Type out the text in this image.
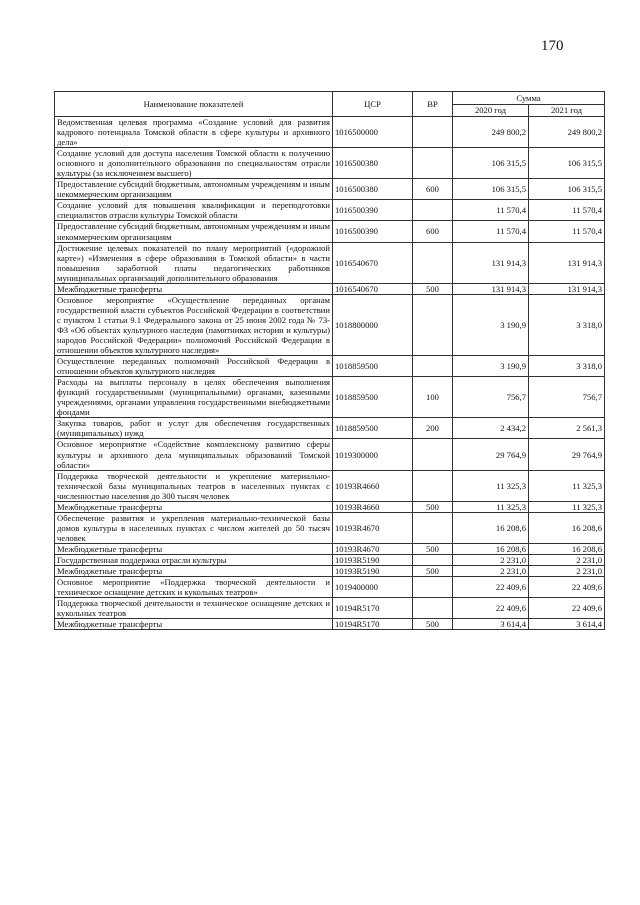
170
Наименование показателей	ЦСР	ВР	Сумма	
			2020 год	2021 год
Ведомственная целевая программа «Создание условий для развития кадрового потенциала Томской области в сфере культуры и архивного дела»	1016500000		249 800,2	249 800,2
Создание условий для доступа населения Томской области к получению основного и дополнительного образования по специальностям отрасли культуры (за исключением высшего)	1016500380		106 315,5	106 315,5
Предоставление субсидий бюджетным, автономным учреждениям и иным некоммерческим организациям	1016500380	600	106 315,5	106 315,5
Создание условий для повышения квалификации и переподготовки специалистов отрасли культуры Томской области	1016500390		11 570,4	11 570,4
Предоставление субсидий бюджетным, автономным учреждениям и иным некоммерческим организациям	1016500390	600	11 570,4	11 570,4
Достижение целевых показателей по плану мероприятий («дорожной карте») «Изменения в сфере образования в Томской области» в части повышения заработной платы педагогических работников муниципальных организаций дополнительного образования	1016540670		131 914,3	131 914,3
Межбюджетные трансферты	1016540670	500	131 914,3	131 914,3
Основное мероприятие «Осуществление переданных органам государственной власти субъектов Российской Федерации в соответствии с пунктом 1 статьи 9.1 Федерального закона от 25 июня 2002 года № 73-ФЗ «Об объектах культурного наследия (памятниках истории и культуры) народов Российской Федерации» полномочий Российской Федерации в отношении объектов культурного наследия»	1018800000		3 190,9	3 318,0
Осуществление переданных полномочий Российской Федерации в отношении объектов культурного наследия	1018859500		3 190,9	3 318,0
Расходы на выплаты персоналу в целях обеспечения выполнения функций государственными (муниципальными) органами, казенными учреждениями, органами управления государственными внебюджетными фондами	1018859500	100	756,7	756,7
Закупка товаров, работ и услуг для обеспечения государственных (муниципальных) нужд	1018859500	200	2 434,2	2 561,3
Основное мероприятие «Содействие комплексному развитию сферы культуры и архивного дела муниципальных образований Томской области»	1019300000		29 764,9	29 764,9
Поддержка творческой деятельности и укрепление материально-технической базы муниципальных театров в населенных пунктах с численностью населения до 300 тысяч человек	10193R4660		11 325,3	11 325,3
Межбюджетные трансферты	10193R4660	500	11 325,3	11 325,3
Обеспечение развития и укрепления материально-технической базы домов культуры в населенных пунктах с числом жителей до 50 тысяч человек	10193R4670		16 208,6	16 208,6
Межбюджетные трансферты	10193R4670	500	16 208,6	16 208,6
Государственная поддержка отрасли культуры	10193R5190		2 231,0	2 231,0
Межбюджетные трансферты	10193R5190	500	2 231,0	2 231,0
Основное мероприятие «Поддержка творческой деятельности и техническое оснащение детских и кукольных театров»	1019400000		22 409,6	22 409,6
Поддержка творческой деятельности и техническое оснащение детских и кукольных театров	10194R5170		22 409,6	22 409,6
Межбюджетные трансферты	10194R5170	500	3 614,4	3 614,4
